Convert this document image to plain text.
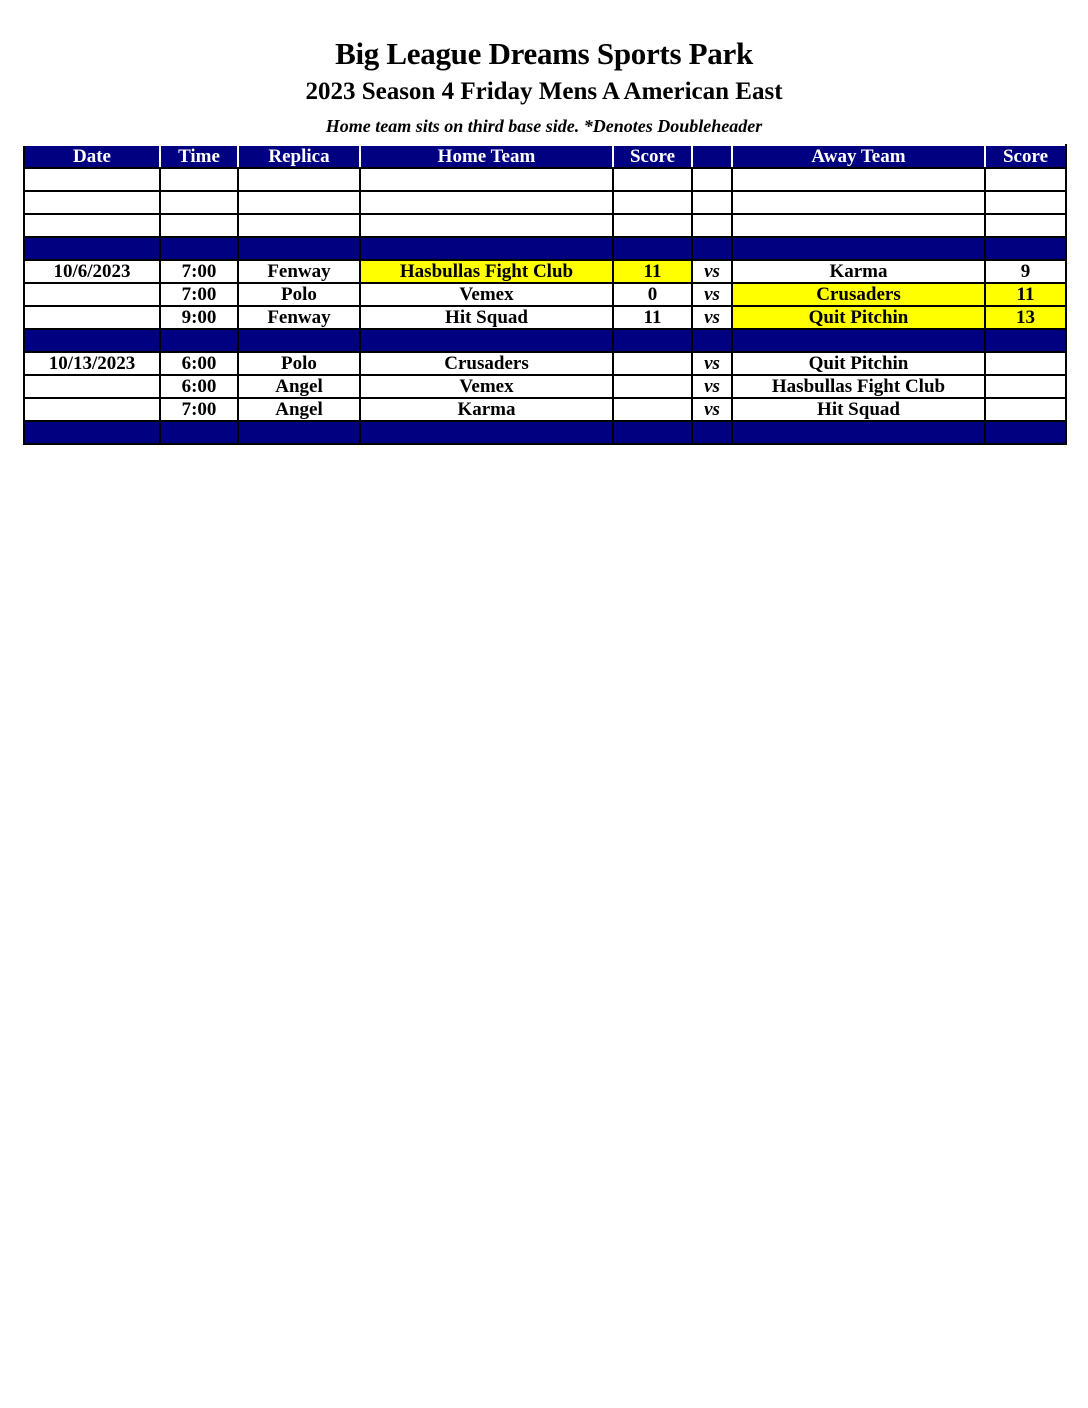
Big League Dreams Sports Park
2023 Season 4 Friday Mens A American East
Home team sits on third base side. *Denotes Doubleheader
Date	Time	Replica	Home Team	Score		Away Team	Score

10/6/2023	7:00	Fenway	Hasbullas Fight Club	11	vs	Karma	9
	7:00	Polo	Vemex	0	vs	Crusaders	11
	9:00	Fenway	Hit Squad	11	vs	Quit Pitchin	13

10/13/2023	6:00	Polo	Crusaders		vs	Quit Pitchin	
	6:00	Angel	Vemex		vs	Hasbullas Fight Club	
	7:00	Angel	Karma		vs	Hit Squad	
